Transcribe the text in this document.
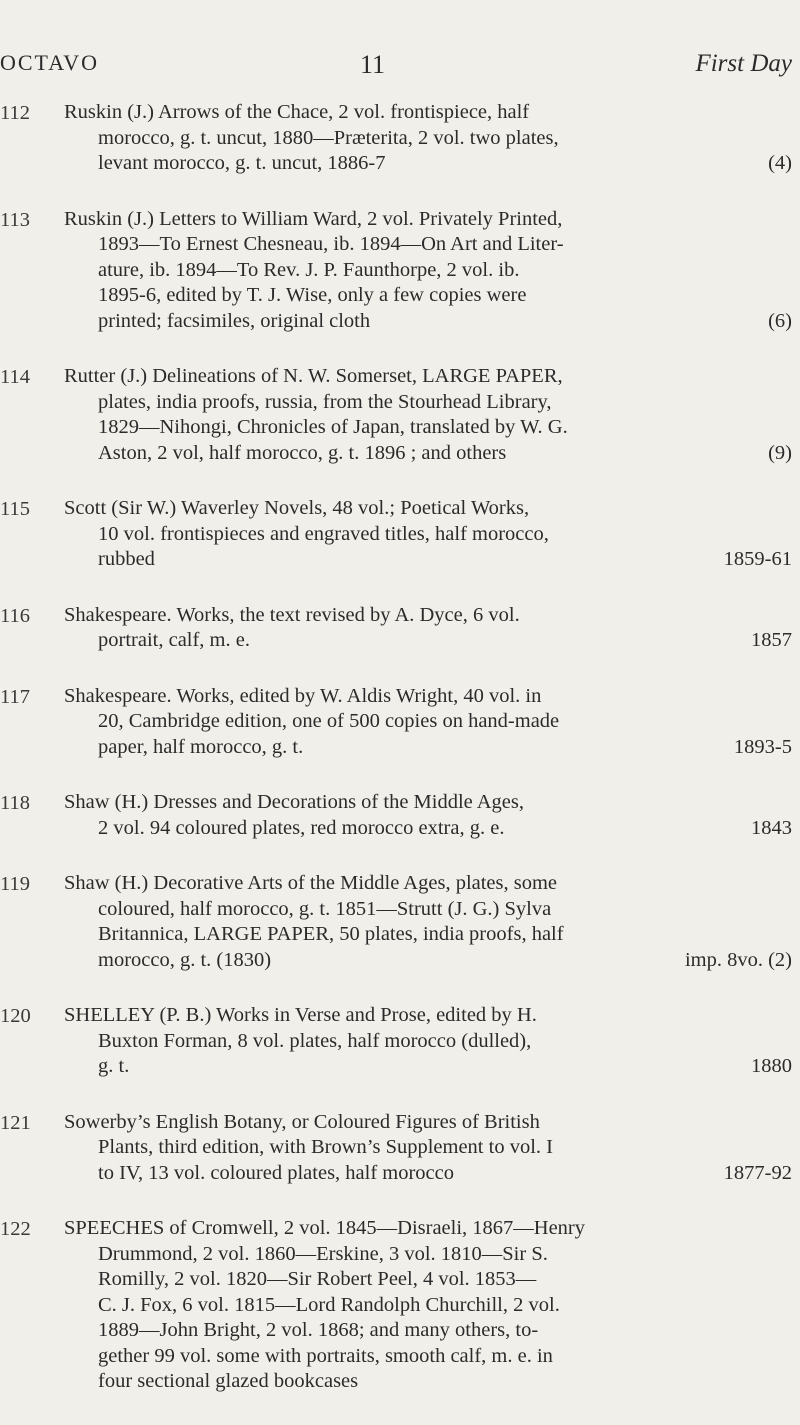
OCTAVO	11	First Day
112	Ruskin (J.) Arrows of the Chace, 2 vol. frontispiece, half
morocco, g. t. uncut, 1880—Præterita, 2 vol. two plates,
levant morocco, g. t. uncut, 1886-7	(4)
113	Ruskin (J.) Letters to William Ward, 2 vol. Privately Printed,
1893—To Ernest Chesneau, ib. 1894—On Art and Liter-
ature, ib. 1894—To Rev. J. P. Faunthorpe, 2 vol. ib.
1895-6, edited by T. J. Wise, only a few copies were
printed; facsimiles, original cloth	(6)
114	Rutter (J.) Delineations of N. W. Somerset, LARGE PAPER,
plates, india proofs, russia, from the Stourhead Library,
1829—Nihongi, Chronicles of Japan, translated by W. G.
Aston, 2 vol, half morocco, g. t. 1896 ; and others	(9)
115	Scott (Sir W.) Waverley Novels, 48 vol.; Poetical Works,
10 vol. frontispieces and engraved titles, half morocco,
rubbed	1859-61
116	Shakespeare. Works, the text revised by A. Dyce, 6 vol.
portrait, calf, m. e.	1857
117	Shakespeare. Works, edited by W. Aldis Wright, 40 vol. in
20, Cambridge edition, one of 500 copies on hand-made
paper, half morocco, g. t.	1893-5
118	Shaw (H.) Dresses and Decorations of the Middle Ages,
2 vol. 94 coloured plates, red morocco extra, g. e.	1843
119	Shaw (H.) Decorative Arts of the Middle Ages, plates, some
coloured, half morocco, g. t. 1851—Strutt (J. G.) Sylva
Britannica, LARGE PAPER, 50 plates, india proofs, half
morocco, g. t. (1830)	imp. 8vo. (2)
120	SHELLEY (P. B.) Works in Verse and Prose, edited by H.
Buxton Forman, 8 vol. plates, half morocco (dulled),
g. t.	1880
121	Sowerby’s English Botany, or Coloured Figures of British
Plants, third edition, with Brown’s Supplement to vol. I
to IV, 13 vol. coloured plates, half morocco	1877-92
122	SPEECHES of Cromwell, 2 vol. 1845—Disraeli, 1867—Henry
Drummond, 2 vol. 1860—Erskine, 3 vol. 1810—Sir S.
Romilly, 2 vol. 1820—Sir Robert Peel, 4 vol. 1853—
C. J. Fox, 6 vol. 1815—Lord Randolph Churchill, 2 vol.
1889—John Bright, 2 vol. 1868; and many others, to-
gether 99 vol. some with portraits, smooth calf, m. e. in
four sectional glazed bookcases
